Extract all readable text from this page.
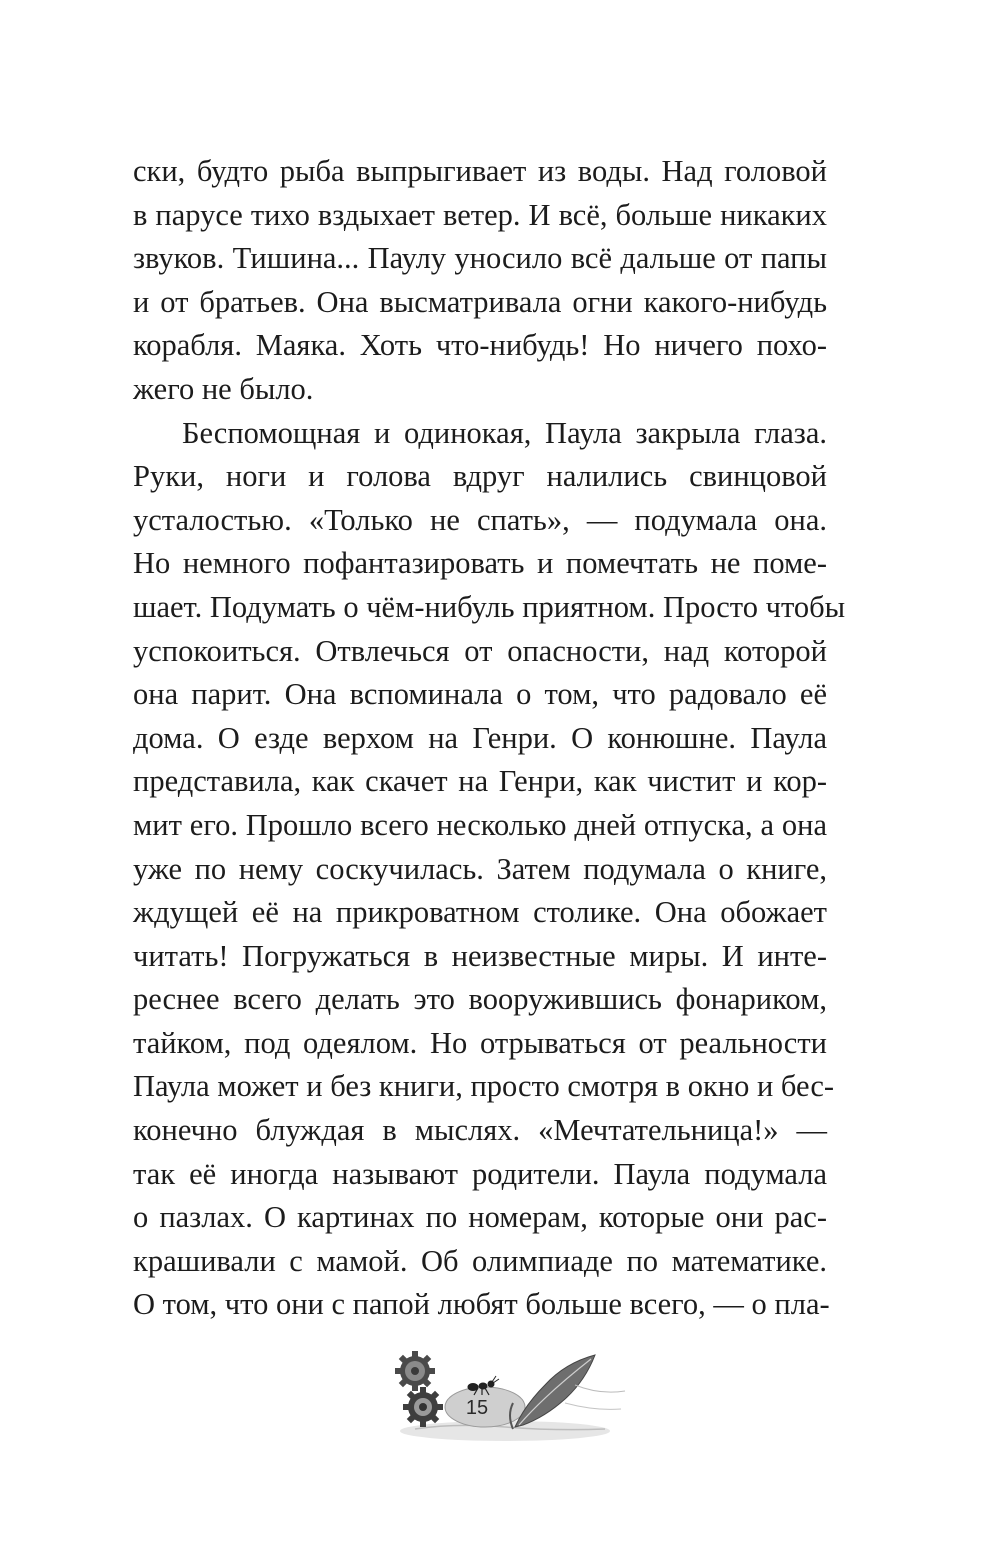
ски, будто рыба выпрыгивает из воды. Над головой
в парусе тихо вздыхает ветер. И всё, больше никаких
звуков. Тишина... Паулу уносило всё дальше от папы
и от братьев. Она высматривала огни какого-нибудь
корабля. Маяка. Хоть что-нибудь! Но ничего похо-
жего не было.
Беспомощная и одинокая, Паула закрыла глаза.
Руки, ноги и голова вдруг налились свинцовой
усталостью. «Только не спать», — подумала она.
Но немного пофантазировать и помечтать не поме-
шает. Подумать о чём-нибуль приятном. Просто чтобы
успокоиться. Отвлечься от опасности, над которой
она парит. Она вспоминала о том, что радовало её
дома. О езде верхом на Генри. О конюшне. Паула
представила, как скачет на Генри, как чистит и кор-
мит его. Прошло всего несколько дней отпуска, а она
уже по нему соскучилась. Затем подумала о книге,
ждущей её на прикроватном столике. Она обожает
читать! Погружаться в неизвестные миры. И инте-
реснее всего делать это вооружившись фонариком,
тайком, под одеялом. Но отрываться от реальности
Паула может и без книги, просто смотря в окно и бес-
конечно блуждая в мыслях. «Мечтательница!» —
так её иногда называют родители. Паула подумала
о пазлах. О картинах по номерам, которые они рас-
крашивали с мамой. Об олимпиаде по математике.
О том, что они с папой любят больше всего, — о пла-
15
